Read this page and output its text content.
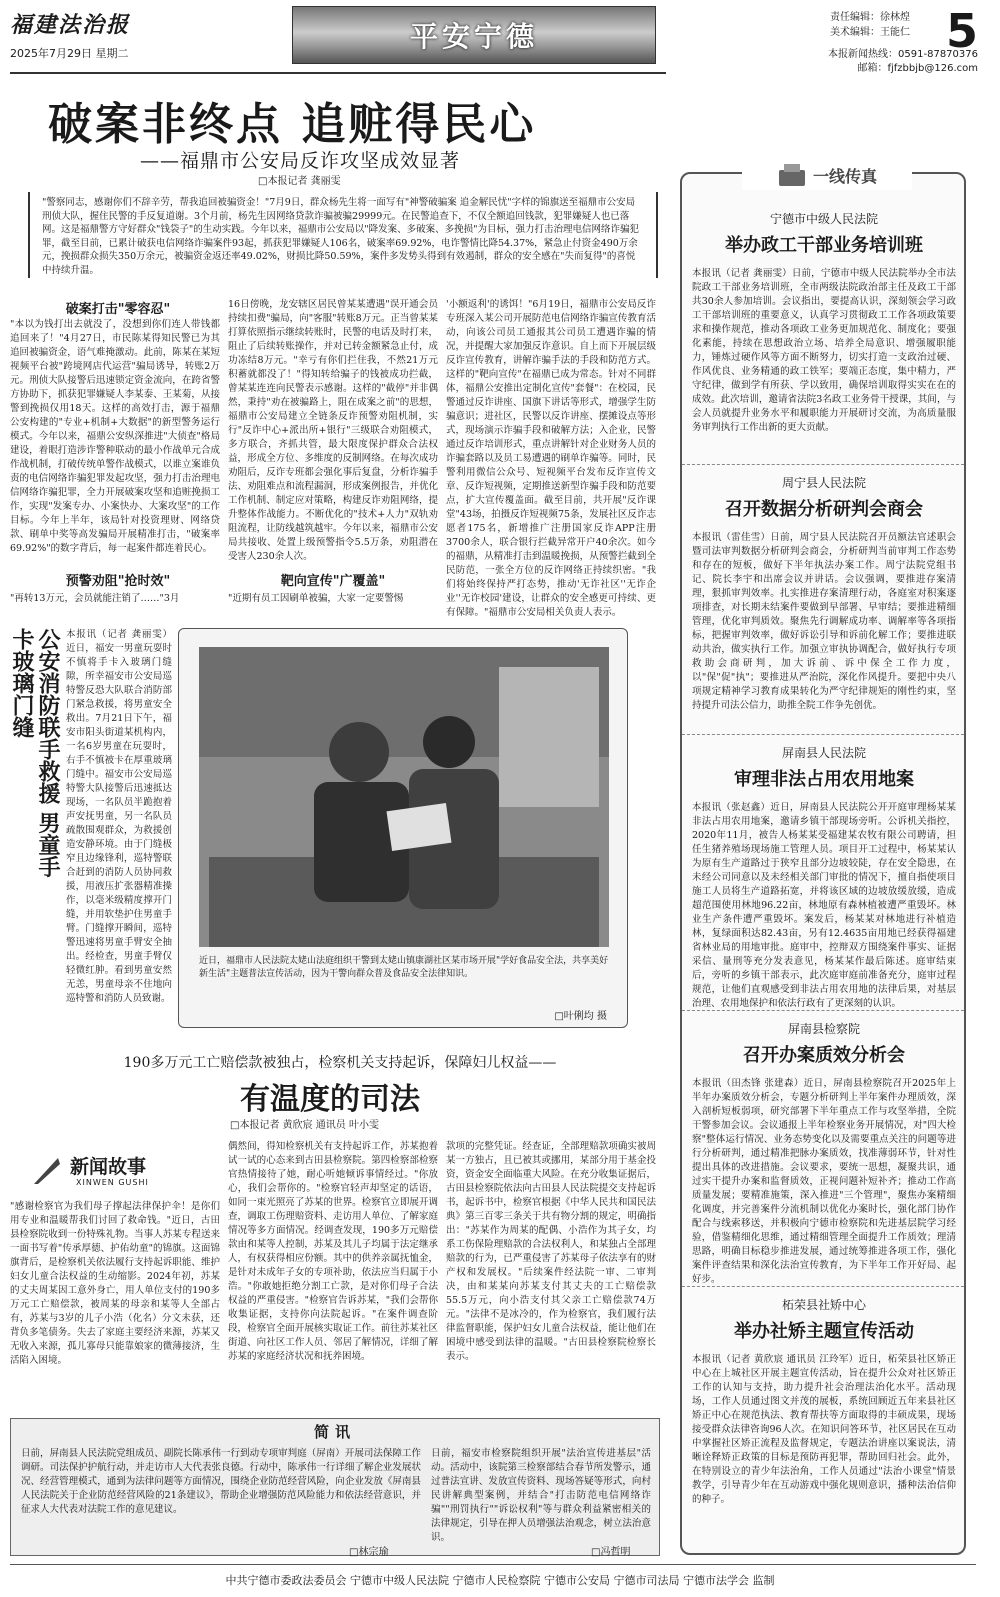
福建法治报
2025年7月29日 星期二
平安宁德
责任编辑：徐林煌
美术编辑：王能仁 5
本报新闻热线：0591-87870376
邮箱：fjfzbbjb@126.com
破案非终点 追赃得民心
——福鼎市公安局反诈攻坚成效显著
□本报记者 龚丽雯
"警察同志，感谢你们不辞辛劳，帮我追回被骗资金！"7月9日，群众杨先生将一面写有"神警破骗案 追金解民忧"字样的锦旗送至福鼎市公安局刑侦大队，握住民警的手反复道谢。3个月前，杨先生因网络贷款诈骗被骗29999元。在民警追查下，不仅全额追回钱款，犯罪嫌疑人也已落网。这是福鼎警方守好群众"钱袋子"的生动实践。今年以来，福鼎市公安局以"降发案、多破案、多挽损"为目标，强力打击治理电信网络诈骗犯罪，截至目前，已累计破获电信网络诈骗案件93起，抓获犯罪嫌疑人106名，破案率69.92%，电诈警情比降54.37%，紧急止付资金490万余元，挽损群众损失350万余元，被骗资金返还率49.02%，财损比降50.59%，案件多发势头得到有效遏制，群众的安全感在"失而复得"的喜悦中持续升温。
破案打击"零容忍"
"本以为钱打出去就没了，没想到你们连人带钱都追回来了！"4月27日，市民陈某得知民警已为其追回被骗资金，语气难掩激动。此前，陈某在某短视频平台被"跨境网店代运营"骗局诱导，转账2万元。刑侦大队接警后迅速锁定资金流向，在跨省警方协助下，抓获犯罪嫌疑人李某泰、王某菊，从接警到挽损仅用18天。这样的高效打击，源于福鼎公安构建的"专业+机制+大数据"的新型警务运行模式。今年以来，福鼎公安纵深推进"大侦查"格局建设，着眼打造涉诈警种联动的最小作战单元合成作战机制，打破传统单警作战模式，以谁立案谁负责的电信网络诈骗犯罪发起攻坚，强力打击治理电信网络诈骗犯罪，全力开展破案攻坚和追赃挽损工作，实现"发案专办、小案快办、大案攻坚"的工作目标。今年上半年，该局针对投资理财、网络贷款、刷单中奖等高发骗局开展精准打击，"破案率69.92%"的数字背后，每一起案件都连着民心。
预警劝阻"抢时效"
"再转13万元，会员就能注销了……"3月
16日傍晚，龙安辖区居民曾某某遭遇"误开通会员持续扣费"骗局，向"客服"转账8万元。正当曾某某打算依照指示继续转账时，民警的电话及时打来，阻止了后续转账操作，并对已转金额紧急止付，成功冻结8万元。"幸亏有你们拦住我，不然21万元积蓄就都没了！"得知转给骗子的钱被成功拦截，曾某某连连向民警表示感谢。这样的"截停"并非偶然，秉持"劝在被骗路上，阻在成案之前"的思想，福鼎市公安局建立全链条反诈预警劝阻机制，实行"反诈中心+派出所+银行"三级联合劝阻模式，多方联合，齐抓共管，最大限度保护群众合法权益，形成全方位、多维度的反制网络。在每次成功劝阻后，反诈专班都会强化事后复盘，分析诈骗手法、劝阻难点和流程漏洞，形成案例报告，并优化工作机制、制定应对策略，构建反诈劝阻网络，提升整体作战能力。不断优化的"技术+人力"双轨劝阻流程，让防线越筑越牢。今年以来，福鼎市公安局共接收、处置上级预警指令5.5万条，劝阻潜在受害人230余人次。
靶向宣传"广覆盖"
"近期有员工因刷单被骗，大家一定要警惕
'小额返利'的诱饵！"6月19日，福鼎市公安局反诈专班深入某公司开展防范电信网络诈骗宣传教育活动，向该公司员工通报其公司员工遭遇诈骗的情况，并提醒大家加强反诈意识。自上而下开展层级反诈宣传教育，讲解诈骗手法的手段和防范方式。这样的"靶向宣传"在福鼎已成为常态。针对不同群体，福鼎公安推出定制化宣传"套餐"：在校园，民警通过反诈讲座、国旗下讲话等形式，增强学生防骗意识；进社区，民警以反诈讲座、摆摊设点等形式，现场演示诈骗手段和破解方法；入企业，民警通过反诈培训形式，重点讲解针对企业财务人员的诈骗套路以及员工易遭遇的刷单诈骗等。同时，民警利用微信公众号、短视频平台发布反诈宣传文章、反诈短视频，定期推送新型诈骗手段和防范要点，扩大宣传覆盖面。截至目前，共开展"反诈课堂"43场，拍摄反诈短视频75条，发展社区反诈志愿者175名，新增推广注册国家反诈APP注册3700余人，联合银行拦截异常开户40余次。如今的福鼎，从精准打击到温暖挽损，从预警拦截到全民防范，一张全方位的反诈网络正持续织密。"我们将始终保持严打态势，推动'无诈社区''无诈企业''无诈校园'建设，让群众的安全感更可持续、更有保障。"福鼎市公安局相关负责人表示。
公安消防联手救援 男童手卡玻璃门缝	本报讯（记者 龚丽雯）近日，福安一男童玩耍时不慎将手卡入玻璃门缝隙，所幸福安市公安局巡特警反恐大队联合消防部门紧急救援，将男童安全救出。7月21日下午，福安市阳头街道某机构内，一名6岁男童在玩耍时，右手不慎被卡在厚重玻璃门缝中。福安市公安局巡特警大队接警后迅速抵达现场，一名队员半跪抱着声安抚男童，另一名队员疏散围观群众，为救援创造安静环境。由于门缝极窄且边缘锋利，巡特警联合赶到的消防人员协同救援，用液压扩张器精准操作，以毫米级精度撑开门缝，并用软垫护住男童手臂。门缝撑开瞬间，巡特警迅速将男童手臂安全抽出。经检查，男童手臂仅轻微红肿。看到男童安然无恙，男童母亲不住地向巡特警和消防人员致谢。
近日，福鼎市人民法院太姥山法庭组织干警到太姥山镇康湖社区某市场开展"学好食品安全法，共享美好新生活"主题普法宣传活动，因为干警向群众普及食品安全法律知识。
□叶俐均 摄
190多万元工亡赔偿款被独占，检察机关支持起诉，保障妇儿权益——
有温度的司法
□本报记者 黄欣宸 通讯员 叶小雯
新闻故事
XINWEN GUSHI
"感谢检察官为我们母子撑起法律保护伞！是你们用专业和温暖帮我们讨回了救命钱。"近日，古田县检察院收到一份特殊礼物。当事人苏某专程送来一面书写着"传承厚德、护佑幼童"的锦旗。这面锦旗背后，是检察机关依法履行支持起诉职能、维护妇女儿童合法权益的生动缩影。2024年初，苏某的丈夫周某因工意外身亡，用人单位支付的190多万元工亡赔偿款，被周某的母亲和某等人全部占有，苏某与3岁的儿子小浩（化名）分文未获，还背负多笔债务。失去了家庭主要经济来源，苏某又无收入来源，孤儿寡母只能靠娘家的微薄接济，生活陷入困境。
偶然间，得知检察机关有支持起诉工作，苏某抱着试一试的心态来到古田县检察院。第四检察部检察官热情接待了她，耐心听她倾诉事情经过。"你放心，我们会帮你的。"检察官轻声却坚定的话语，如同一束光照亮了苏某的世界。检察官立即展开调查，调取工伤理赔资料、走访用人单位、了解家庭情况等多方面情况。经调查发现，190多万元赔偿款由和某等人控制，苏某及其儿子均属于法定继承人，有权获得相应份额。其中的供养亲属抚恤金，是针对未成年子女的专项补助，依法应当归属于小浩。"你敢她拒绝分割工亡款，是对你们母子合法权益的严重侵害。"检察官告诉苏某，"我们会帮你收集证据，支持你向法院起诉。"在案件调查阶段，检察官全面开展核实取证工作。前往苏某社区街道、向社区工作人员、邻居了解情况，详细了解苏某的家庭经济状况和抚养困境。
款项的完整凭证。经查证，全部理赔款项确实被周某一方独占，且已被其或挪用，某部分用于基金投资，资金安全面临重大风险。在充分收集证据后，古田县检察院依法向古田县人民法院提交支持起诉书，起诉书中，检察官根据《中华人民共和国民法典》第三百零三条关于共有物分割的规定，明确指出："苏某作为周某的配偶、小浩作为其子女，均系工伤保险理赔款的合法权利人，和某独占全部理赔款的行为，已严重侵害了苏某母子依法享有的财产权和发展权。"后续案件经法院一审、二审判决，由和某某向苏某支付其丈夫的工亡赔偿款55.5万元，向小浩支付其父亲工亡赔偿款74万元。"法律不是冰冷的，作为检察官，我们履行法律监督职能，保护妇女儿童合法权益，能让他们在困境中感受到法律的温暖。"古田县检察院检察长表示。
简讯
日前，屏南县人民法院党组成员、副院长陈承伟一行到动专项审判庭（屏南）开展司法保障工作调研。司法保护护航行动，并走访市人大代表张良德。行动中，陈承伟一行详细了解企业发展状况、经营管理模式，通到为法律问题等方面情况，围绕企业防范经营风险，向企业发放《屏南县人民法院关于企业防范经营风险的21条建议》，帮助企业增强防范风险能力和依法经营意识，并征求人大代表对法院工作的意见建议。
□林宗瑜
日前，福安市检察院组织开展"法治宣传进基层"活动。活动中，该院第三检察部结合春节所发警示，通过普法宣讲、发放宣传资料、现场答疑等形式，向村民讲解典型案例，并结合"打击防范电信网络诈骗""刑罚执行""诉讼权利"等与群众利益紧密相关的法律规定，引导在押人员增强法治观念，树立法治意识。
□冯哲明
一线传真
宁德市中级人民法院
举办政工干部业务培训班
本报讯（记者 龚丽雯）日前，宁德市中级人民法院举办全市法院政工干部业务培训班，全市两级法院政治部主任及政工干部共30余人参加培训。会议指出，要提高认识，深刻领会学习政工干部培训班的重要意义，认真学习贯彻政工工作各项政策要求和操作规范，推动各项政工业务更加规范化、制度化；要强化素能，持续在思想政治立场、培养全局意识、增强履职能力，锤炼过硬作风等方面不断努力，切实打造一支政治过硬、作风优良、业务精通的政工铁军；要端正态度，集中精力，严守纪律，做到学有所获、学以致用，确保培训取得实实在在的成效。此次培训，邀请省法院3名政工业务骨干授课，其间，与会人员就提升业务水平和履职能力开展研讨交流，为高质量服务审判执行工作出新的更大贡献。
周宁县人民法院
召开数据分析研判会商会
本报讯（雷佳雪）日前，周宁县人民法院召开员额法官述职会暨司法审判数据分析研判会商会，分析研判当前审判工作态势和存在的短板，做好下半年执法办案工作。周宁法院党组书记、院长李宇和出席会议并讲话。会议强调，要推进存案清理，狠抓审判效率。扎实推进存案清理行动，各庭室对积案逐项排查，对长期未结案件要做到早部署、早审结；要推进精细管理，优化审判质效。聚焦先行调解成功率、调解率等各项指标，把握审判效率，做好诉讼引导和诉前化解工作；要推进联动共治，做实执行工作。加强立审执协调配合，做好执行专项救助会商研判，加大诉前、诉中保全工作力度，以"保"促"执"；要推进从严治院，深化作风提升。要把中央八项规定精神学习教育成果转化为严守纪律规矩的刚性约束，坚持提升司法公信力，助推全院工作争先创优。
屏南县人民法院
审理非法占用农用地案
本报讯（张赵鑫）近日，屏南县人民法院公开开庭审理杨某某非法占用农用地案，邀请乡镇干部现场旁听。公诉机关指控，2020年11月，被告人杨某某受福建某农牧有限公司聘请，担任生猪养殖场现场施工管理人员。项目开工过程中，杨某某认为原有生产道路过于狭窄且部分边坡较陡，存在安全隐患，在未经公司同意以及未经相关部门审批的情况下，擅自指使项目施工人员将生产道路拓宽，并将该区域的边坡放缓放缓，造成超范围使用林地96.22亩，林地原有森林植被遭严重毁坏。林业生产条件遭严重毁坏。案发后，杨某某对林地进行补植造林，复绿面积达82.43亩，另有12.4635亩用地已经获得福建省林业局的用地审批。庭审中，控辩双方围绕案件事实、证据采信、量刑等充分发表意见，杨某某作最后陈述。庭审结束后，旁听的乡镇干部表示，此次庭审庭前准备充分，庭审过程规范，让他们直观感受到非法占用农用地的法律后果，对基层治理、农用地保护和依法行政有了更深刻的认识。
屏南县检察院
召开办案质效分析会
本报讯（田杰锋 张建森）近日，屏南县检察院召开2025年上半年办案质效分析会，专题分析研判上半年案件办理质效，深入剖析短板弱项，研究部署下半年重点工作与攻坚举措，全院干警参加会议。会议通报上半年检察业务开展情况，对"四大检察"整体运行情况、业务态势变化以及需要重点关注的问题等进行分析研判，通过精准把脉办案质效，找准薄弱环节，针对性提出具体的改进措施。会议要求，要统一思想，凝聚共识，通过实干提升办案和监督质效，正视问题补短补齐；推动工作高质量发展；要精准施策，深入推进"三个管理"，聚焦办案精细化调度，并完善案件分流机制以优化办案时长，强化部门协作配合与线索移送，并积极向宁德市检察院和先进基层院学习经验，借鉴精细化思维，通过精细管理全面提升工作质效；理清思路，明确目标稳步推进发展，通过统筹推进各项工作，强化案件评查结果和深化法治宣传教育，为下半年工作开好局、起好步。
柘荣县社矫中心
举办社矫主题宣传活动
本报讯（记者 黄欣宸 通讯员 江玲军）近日，柘荣县社区矫正中心在上城社区开展主题宣传活动，旨在提升公众对社区矫正工作的认知与支持，助力提升社会治理法治化水平。活动现场，工作人员通过图文并茂的展板，系统回顾近五年来县社区矫正中心在规范执法、教育帮扶等方面取得的丰硕成果，现场接受群众法律咨询96人次。在知识问答环节，社区居民在互动中掌握社区矫正流程及监督规定，专题法治讲座以案说法，清晰诠释矫正政策的目标是预防再犯罪，帮助回归社会。此外，在特别设立的青少年法治角，工作人员通过"法治小课堂"情景教学，引导青少年在互动游戏中强化规则意识，播种法治信仰的种子。
中共宁德市委政法委员会 宁德市中级人民法院 宁德市人民检察院 宁德市公安局 宁德市司法局 宁德市法学会 监制
